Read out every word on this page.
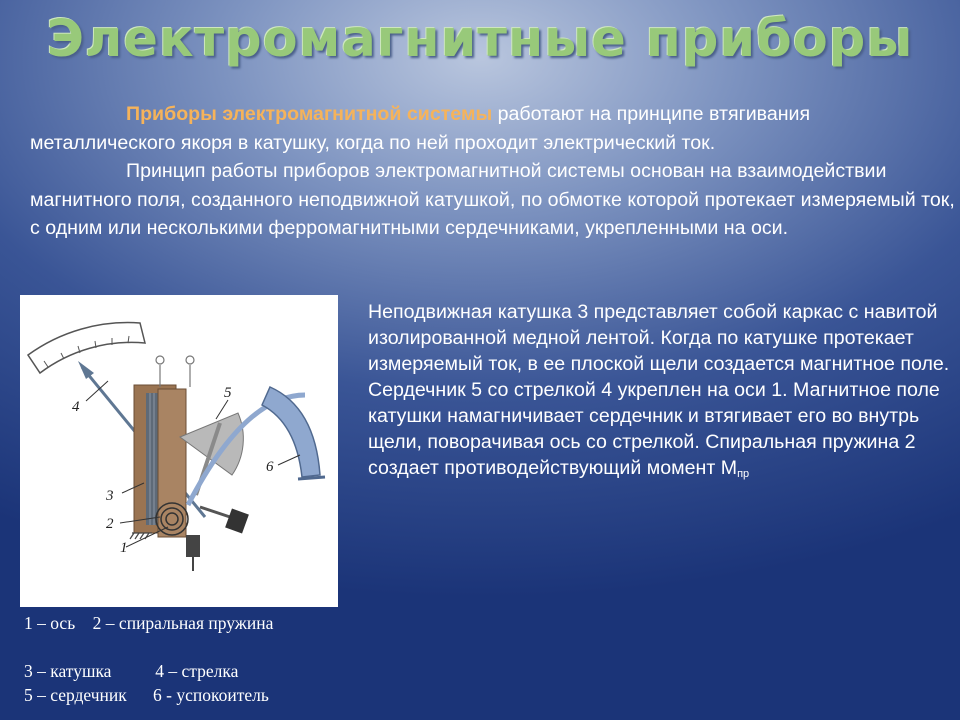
Электромагнитные приборы

Приборы электромагнитной системы работают на принципе втягивания металлического якоря в катушку, когда по ней проходит электрический ток.

Принцип работы приборов электромагнитной системы основан на взаимодействии магнитного поля, созданного неподвижной катушкой, по обмотке которой протекает измеряемый ток, с одним или несколькими ферромагнитными сердечниками, укрепленными на оси.

1
2
3
4
5
6
Неподвижная катушка 3 представляет собой каркас с навитой изолированной медной лентой. Когда по катушке протекает измеряемый ток, в ее плоской щели создается магнитное поле. Сердечник 5 со стрелкой 4 укреплен на оси 1. Магнитное поле катушки намагничивает сердечник и втягивает его во внутрь щели, поворачивая ось со стрелкой. Спиральная пружина 2 создает противодействующий момент $M_{пр}$
1 – ось    2 – спиральная пружина
3 – катушка          4 – стрелка
5 – сердечник      6 - успокоитель
